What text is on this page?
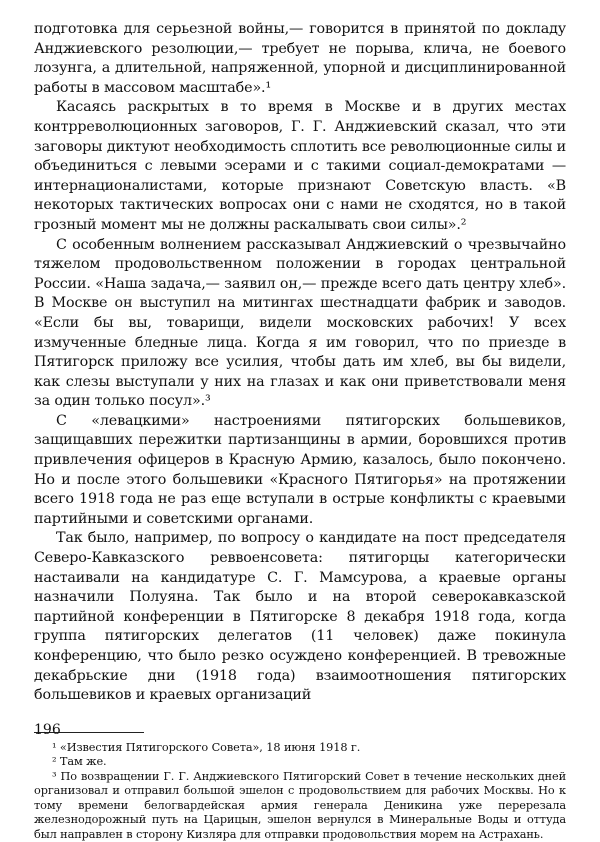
подготовка для серьезной войны,— говорится в принятой по докладу Анджиевского резолюции,— требует не порыва, клича, не боевого лозунга, а длительной, напряженной, упорной и дисциплинированной работы в массовом масштабе».¹

Касаясь раскрытых в то время в Москве и в других местах контрреволюционных заговоров, Г. Г. Анджиевский сказал, что эти заговоры диктуют необходимость сплотить все революционные силы и объединиться с левыми эсерами и с такими социал-демократами — интернационалистами, которые признают Советскую власть. «В некоторых тактических вопросах они с нами не сходятся, но в такой грозный момент мы не должны раскалывать свои силы».²

С особенным волнением рассказывал Анджиевский о чрезвычайно тяжелом продовольственном положении в городах центральной России. «Наша задача,— заявил он,— прежде всего дать центру хлеб». В Москве он выступил на митингах шестнадцати фабрик и заводов. «Если бы вы, товарищи, видели московских рабочих! У всех измученные бледные лица. Когда я им говорил, что по приезде в Пятигорск приложу все усилия, чтобы дать им хлеб, вы бы видели, как слезы выступали у них на глазах и как они приветствовали меня за один только посул».³

С «левацкими» настроениями пятигорских большевиков, защищавших пережитки партизанщины в армии, боровшихся против привлечения офицеров в Красную Армию, казалось, было покончено. Но и после этого большевики «Красного Пятигорья» на протяжении всего 1918 года не раз еще вступали в острые конфликты с краевыми партийными и советскими органами.

Так было, например, по вопросу о кандидате на пост председателя Северо-Кавказского реввоенсовета: пятигорцы категорически настаивали на кандидатуре С. Г. Мамсурова, а краевые органы назначили Полуяна. Так было и на второй северокавказской партийной конференции в Пятигорске 8 декабря 1918 года, когда группа пятигорских делегатов (11 человек) даже покинула конференцию, что было резко осуждено конференцией. В тревожные декабрьские дни (1918 года) взаимоотношения пятигорских большевиков и краевых организаций

¹ «Известия Пятигорского Совета», 18 июня 1918 г.

² Там же.

³ По возвращении Г. Г. Анджиевского Пятигорский Совет в течение нескольких дней организовал и отправил большой эшелон с продовольствием для рабочих Москвы. Но к тому времени белогвардейская армия генерала Деникина уже перерезала железнодорожный путь на Царицын, эшелон вернулся в Минеральные Воды и оттуда был направлен в сторону Кизляра для отправки продовольствия морем на Астрахань.

196
